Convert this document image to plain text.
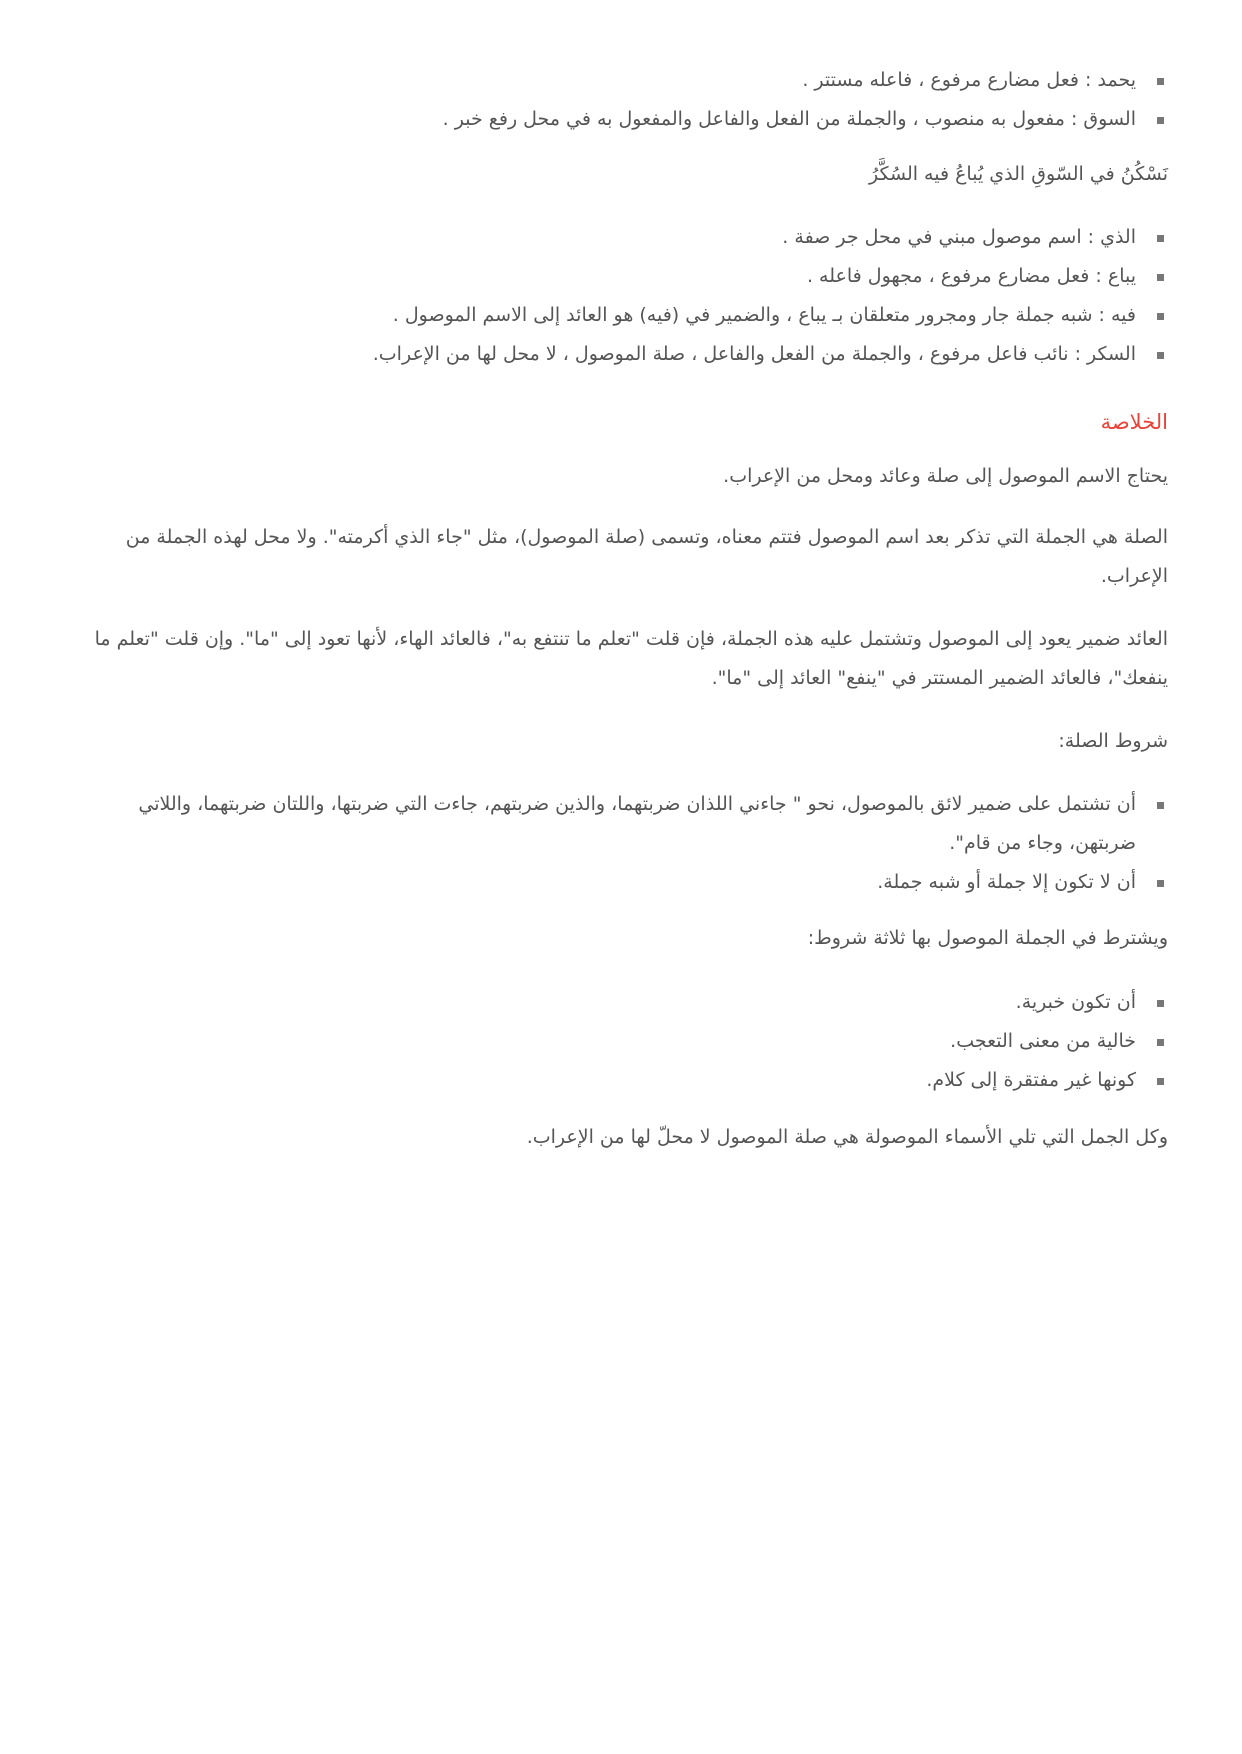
يحمد : فعل مضارع مرفوع ، فاعله مستتر .
السوق : مفعول به منصوب ، والجملة من الفعل والفاعل والمفعول به في محل رفع خبر .
نَسْكُنُ في السّوقِ الذي يُباعُ فيه السُكَّرُ
الذي : اسم موصول مبني في محل جر صفة .
يباع : فعل مضارع مرفوع ، مجهول فاعله .
فيه : شبه جملة جار ومجرور متعلقان بـ يباع ، والضمير في (فيه) هو العائد إلى الاسم الموصول .
السكر : نائب فاعل مرفوع ، والجملة من الفعل والفاعل ، صلة الموصول ، لا محل لها من الإعراب.
الخلاصة
يحتاج الاسم الموصول إلى صلة وعائد ومحل من الإعراب.
الصلة هي الجملة التي تذكر بعد اسم الموصول فتتم معناه، وتسمى (صلة الموصول)، مثل "جاء الذي أكرمته". ولا محل لهذه الجملة من الإعراب.
العائد ضمير يعود إلى الموصول وتشتمل عليه هذه الجملة، فإن قلت "تعلم ما تنتفع به"، فالعائد الهاء، لأنها تعود إلى "ما". وإن قلت "تعلم ما ينفعك"، فالعائد الضمير المستتر في "ينفع" العائد إلى "ما".
شروط الصلة:
أن تشتمل على ضمير لائق بالموصول، نحو " جاءني اللذان ضربتهما، والذين ضربتهم، جاءت التي ضربتها، واللتان ضربتهما، واللاتي ضربتهن، وجاء من قام".
أن لا تكون إلا جملة أو شبه جملة.
ويشترط في الجملة الموصول بها ثلاثة شروط:
أن تكون خبرية.
خالية من معنى التعجب.
كونها غير مفتقرة إلى كلام.
وكل الجمل التي تلي الأسماء الموصولة هي صلة الموصول لا محلّ لها من الإعراب.
